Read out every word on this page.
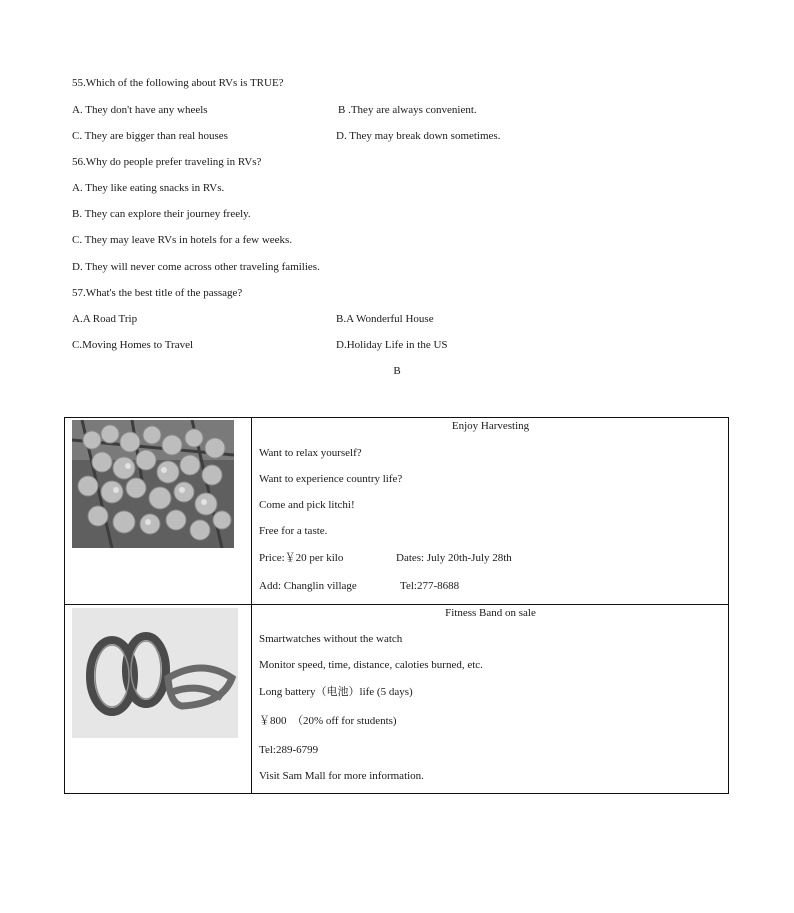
55.Which of the following about RVs is TRUE?
A. They don't have any wheels	B .They are always convenient.
C. They are bigger than real houses	D. They may break down sometimes.
56.Why do people prefer traveling in RVs?
A. They like eating snacks in RVs.
B. They can explore their journey freely.
C. They may leave RVs in hotels for a few weeks.
D. They will never come across other traveling families.
57.What's the best title of the passage?
A.A Road Trip	B.A Wonderful House
C.Moving Homes to Travel	D.Holiday Life in the US
B
Enjoy Harvesting
Want to relax yourself?
Want to experience country life?
Come and pick litchi!
Free for a taste.
Price:￥20 per kilo	Dates: July 20th-July 28th
Add: Changlin village	Tel:277-8688
Fitness Band on sale
Smartwatches without the watch
Monitor speed, time, distance, caloties burned, etc.
Long battery（电池）life (5 days)
￥800　（20% off for students)
Tel:289-6799
Visit Sam Mall for more information.
